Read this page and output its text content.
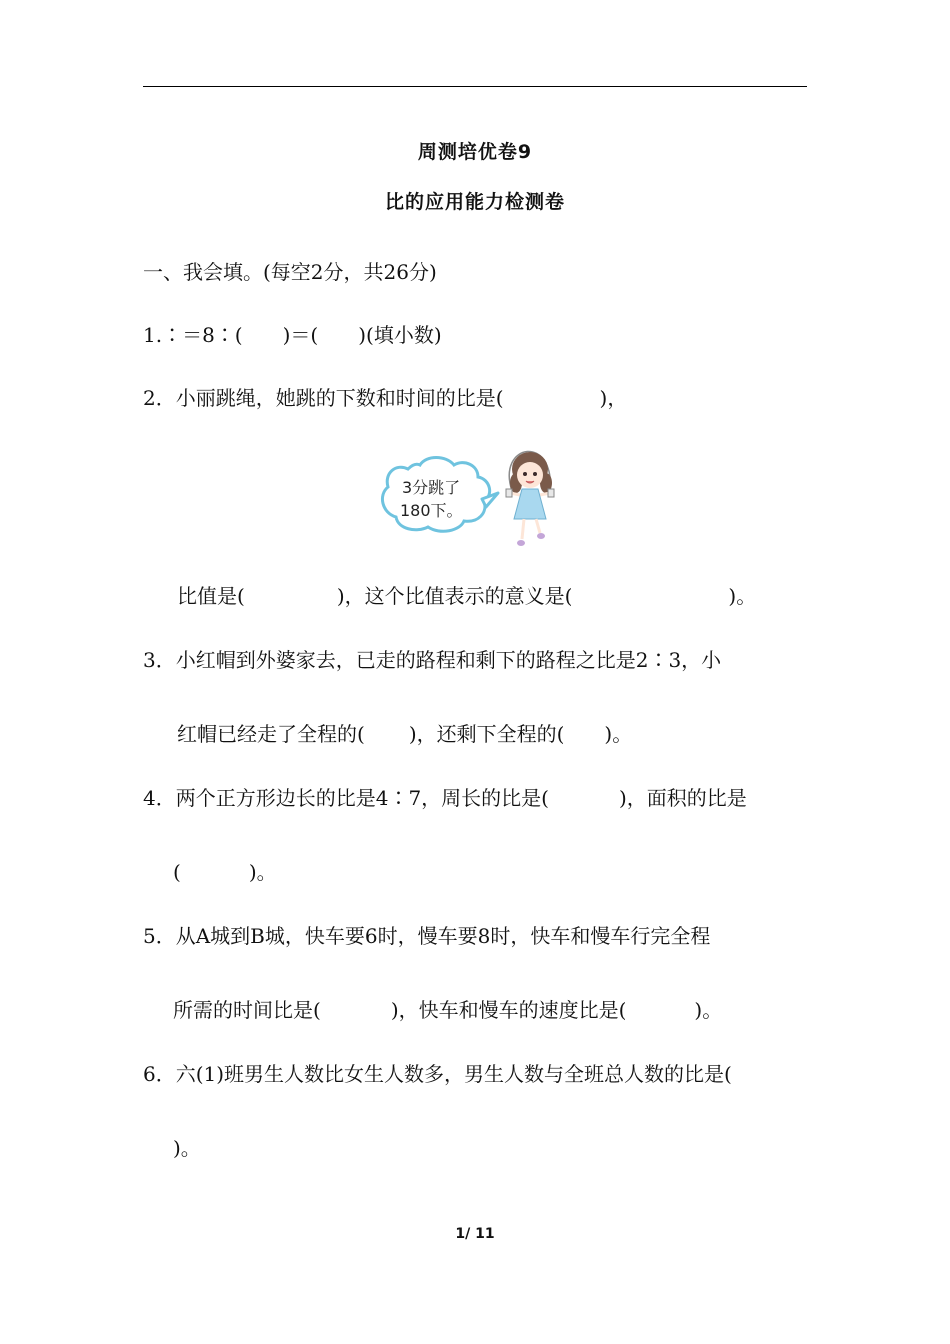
周测培优卷9
比的应用能力检测卷
一、我会填。(每空2分，共26分)
1.∶＝8∶(　　)＝(　　)(填小数)
2．小丽跳绳，她跳的下数和时间的比是(	)，
3分跳了
180下。
比值是(	)，这个比值表示的意义是(	)。
3．小红帽到外婆家去，已走的路程和剩下的路程之比是2∶3，小
红帽已经走了全程的( )，还剩下全程的( )。
4．两个正方形边长的比是4∶7，周长的比是(	)，面积的比是
(	)。
5．从A城到B城，快车要6时，慢车要8时，快车和慢车行完全程
所需的时间比是(	)，快车和慢车的速度比是(	)。
6．六(1)班男生人数比女生人数多，男生人数与全班总人数的比是(
)。
1/ 11
